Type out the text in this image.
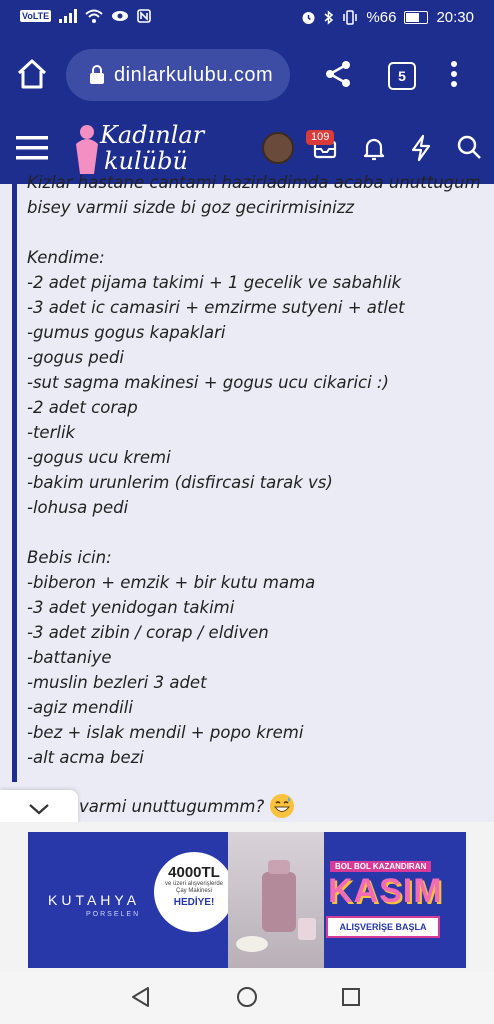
VoLTE	%66	20:30
dinlarkulubu.com	5
Kadınlar
kulübü
109
Kizlar hastane cantami hazirladimda acaba unuttugum
bisey varmii sizde bi goz gecirirmisinizz
Kendime:
-2 adet pijama takimi + 1 gecelik ve sabahlik
-3 adet ic camasiri + emzirme sutyeni + atlet
-gumus gogus kapaklari
-gogus pedi
-sut sagma makinesi + gogus ucu cikarici :)
-2 adet corap
-terlik
-gogus ucu kremi
-bakim urunlerim (disfircasi tarak vs)
-lohusa pedi
Bebis icin:
-biberon + emzik + bir kutu mama
-3 adet yenidogan takimi
-3 adet zibin / corap / eldiven
-battaniye
-muslin bezleri 3 adet
-agiz mendili
-bez + islak mendil + popo kremi
-alt acma bezi
varmi unuttugummm?
KUTAHYA
PORSELEN
4000TL
ve üzeri alışverişlerde
Çay Makinesi
HEDİYE!
BOL BOL KAZANDIRAN
KASIM
ALIŞVERİŞE BAŞLA
